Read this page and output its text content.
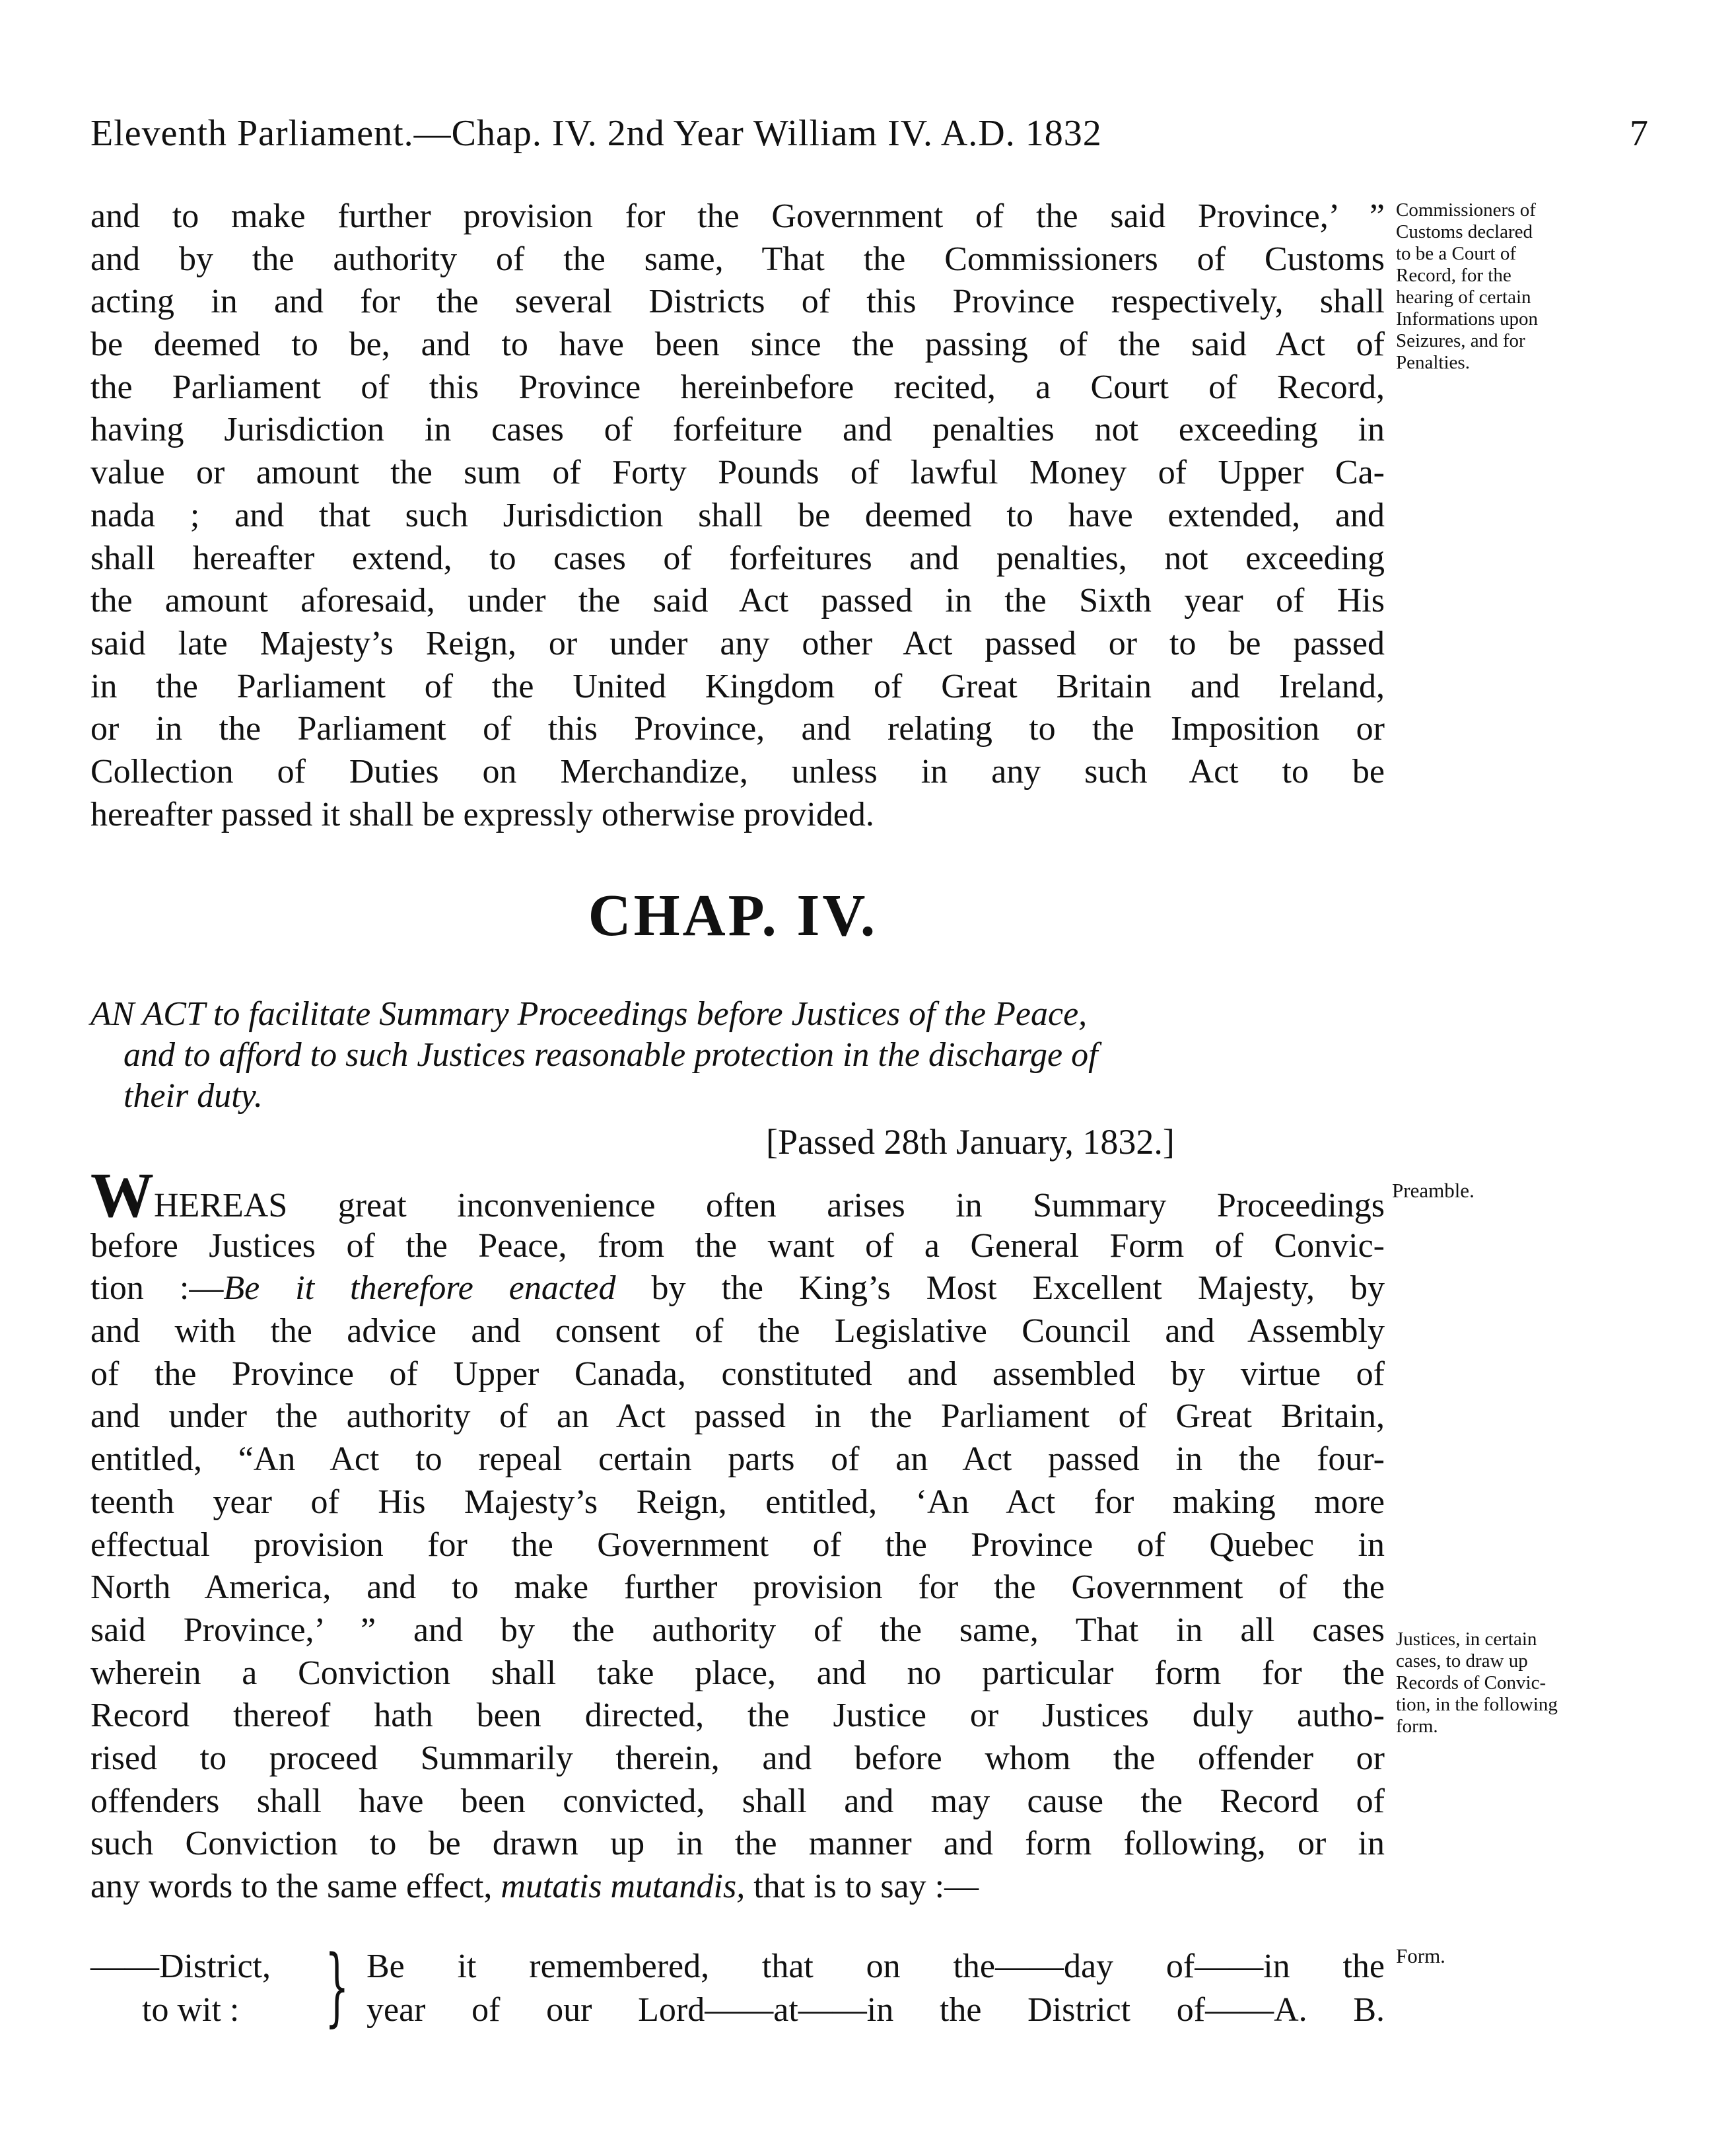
Eleventh Parliament.—Chap. IV. 2nd Year William IV. A.D. 1832	7
and to make further provision for the Government of the said Province,’ ”
and by the authority of the same, That the Commissioners of Customs
acting in and for the several Districts of this Province respectively, shall
be deemed to be, and to have been since the passing of the said Act of
the Parliament of this Province hereinbefore recited, a Court of Record,
having Jurisdiction in cases of forfeiture and penalties not exceeding in
value or amount the sum of Forty Pounds of lawful Money of Upper Ca-
nada ; and that such Jurisdiction shall be deemed to have extended, and
shall hereafter extend, to cases of forfeitures and penalties, not exceeding
the amount aforesaid, under the said Act passed in the Sixth year of His
said late Majesty’s Reign, or under any other Act passed or to be passed
in the Parliament of the United Kingdom of Great Britain and Ireland,
or in the Parliament of this Province, and relating to the Imposition or
Collection of Duties on Merchandize, unless in any such Act to be
hereafter passed it shall be expressly otherwise provided.
Commissioners of
Customs declared
to be a Court of
Record, for the
hearing of certain
Informations upon
Seizures, and for
Penalties.
CHAP. IV.
AN ACT to facilitate Summary Proceedings before Justices of the Peace,
and to afford to such Justices reasonable protection in the discharge of
their duty.
[Passed 28th January, 1832.]
Preamble.
WHEREAS great inconvenience often arises in Summary Proceedings
before Justices of the Peace, from the want of a General Form of Convic-
tion :—Be it therefore enacted by the King’s Most Excellent Majesty, by
and with the advice and consent of the Legislative Council and Assembly
of the Province of Upper Canada, constituted and assembled by virtue of
and under the authority of an Act passed in the Parliament of Great Britain,
entitled, “An Act to repeal certain parts of an Act passed in the four-
teenth year of His Majesty’s Reign, entitled, ‘An Act for making more
effectual provision for the Government of the Province of Quebec in
North America, and to make further provision for the Government of the
said Province,’ ” and by the authority of the same, That in all cases
wherein a Conviction shall take place, and no particular form for the
Record thereof hath been directed, the Justice or Justices duly autho-
rised to proceed Summarily therein, and before whom the offender or
offenders shall have been convicted, shall and may cause the Record of
such Conviction to be drawn up in the manner and form following, or in
any words to the same effect, mutatis mutandis, that is to say :—
Justices, in certain
cases, to draw up
Records of Convic-
tion, in the following
form.
——District,
to wit :	} Be it remembered, that on the——day of——in the
year of our Lord——at——in the District of——A. B.
Form.
